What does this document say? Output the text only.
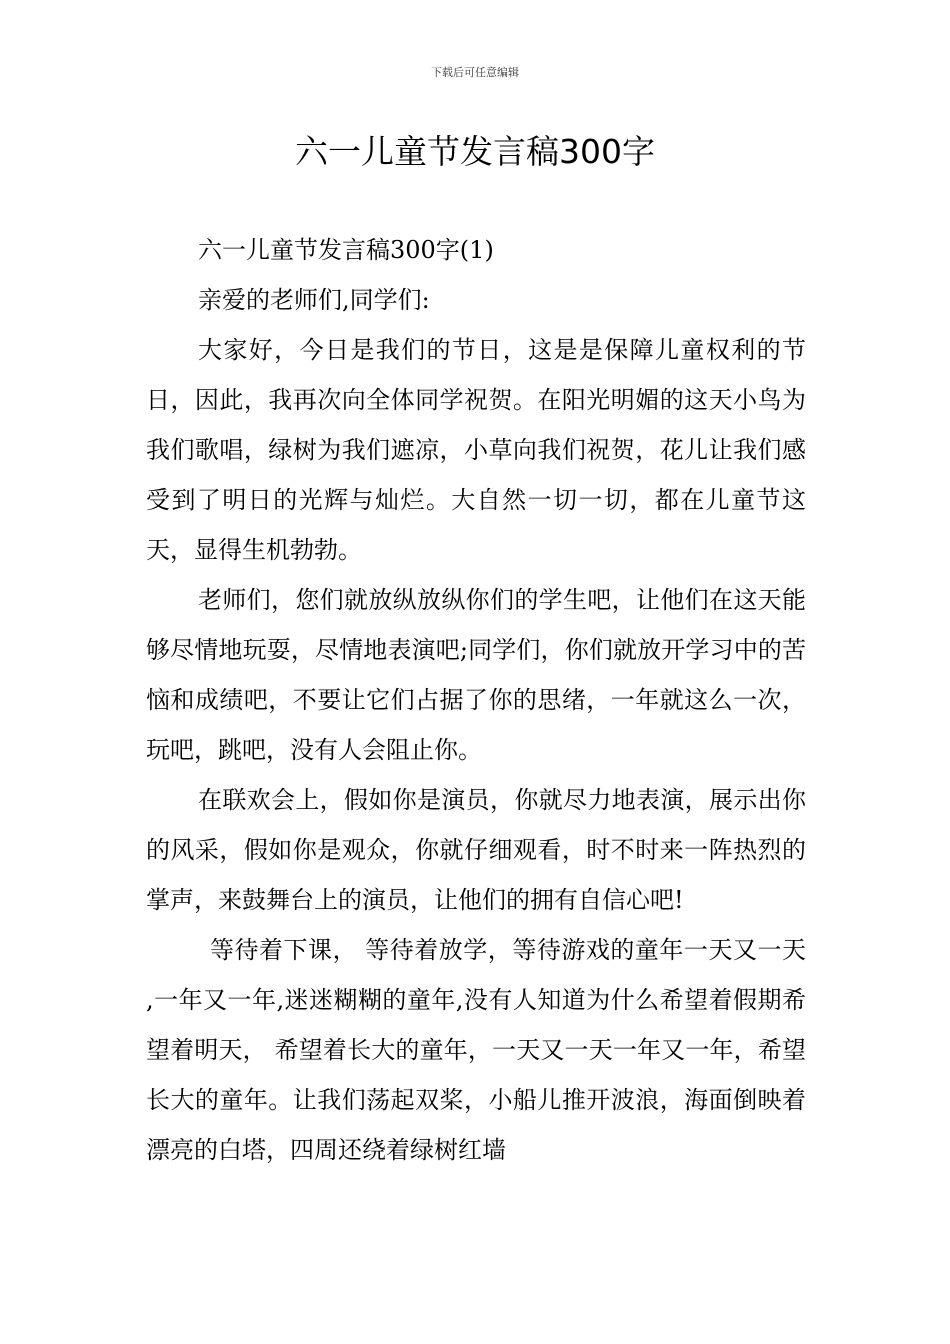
下载后可任意编辑
六一儿童节发言稿300字

六一儿童节发言稿300字(1)

亲爱的老师们,同学们:

大家好，今日是我们的节日，这是是保障儿童权利的节日，因此，我再次向全体同学祝贺。在阳光明媚的这天小鸟为我们歌唱，绿树为我们遮凉，小草向我们祝贺，花儿让我们感受到了明日的光辉与灿烂。大自然一切一切，都在儿童节这天，显得生机勃勃。

老师们，您们就放纵放纵你们的学生吧，让他们在这天能够尽情地玩耍，尽情地表演吧;同学们，你们就放开学习中的苦恼和成绩吧，不要让它们占据了你的思绪，一年就这么一次，玩吧，跳吧，没有人会阻止你。

在联欢会上，假如你是演员，你就尽力地表演，展示出你的风采，假如你是观众，你就仔细观看，时不时来一阵热烈的掌声，来鼓舞台上的演员，让他们的拥有自信心吧!

等待着下课， 等待着放学，等待游戏的童年一天又一天 ,一年又一年,迷迷糊糊的童年,没有人知道为什么希望着假期希望着明天， 希望着长大的童年，一天又一天一年又一年，希望长大的童年。让我们荡起双桨，小船儿推开波浪，海面倒映着漂亮的白塔，四周还绕着绿树红墙
